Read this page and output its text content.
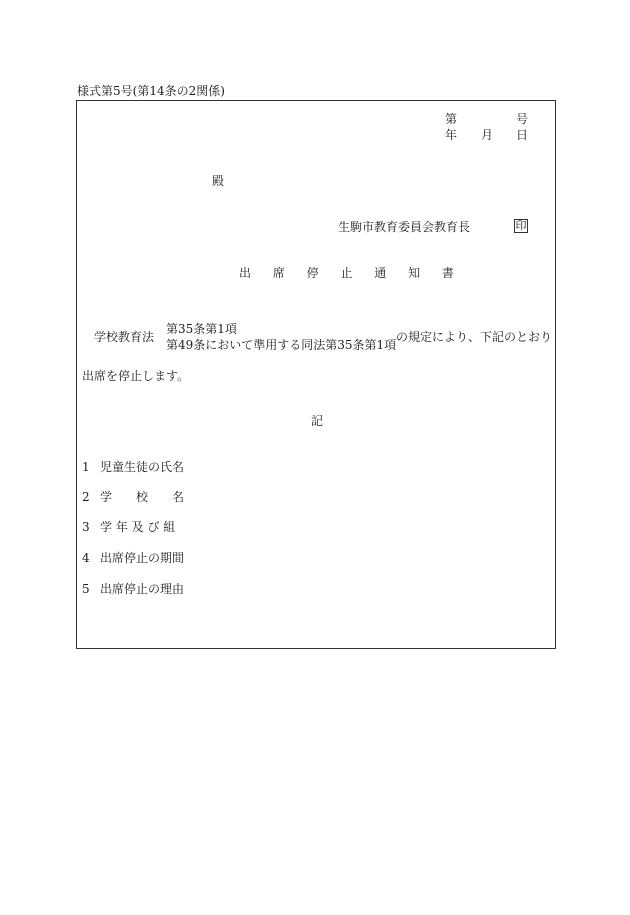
様式第5号(第14条の2関係)
第	号
年 月 日
殿
生駒市教育委員会教育長	印
出 席 停 止 通 知 書
学校教育法
第35条第1項
第49条において準用する同法第35条第1項
の規定により、下記のとおり
出席を停止します。
記
1 児童生徒の氏名
2 学　　校　　名
3 学 年 及 び 組
4 出席停止の期間
5 出席停止の理由
